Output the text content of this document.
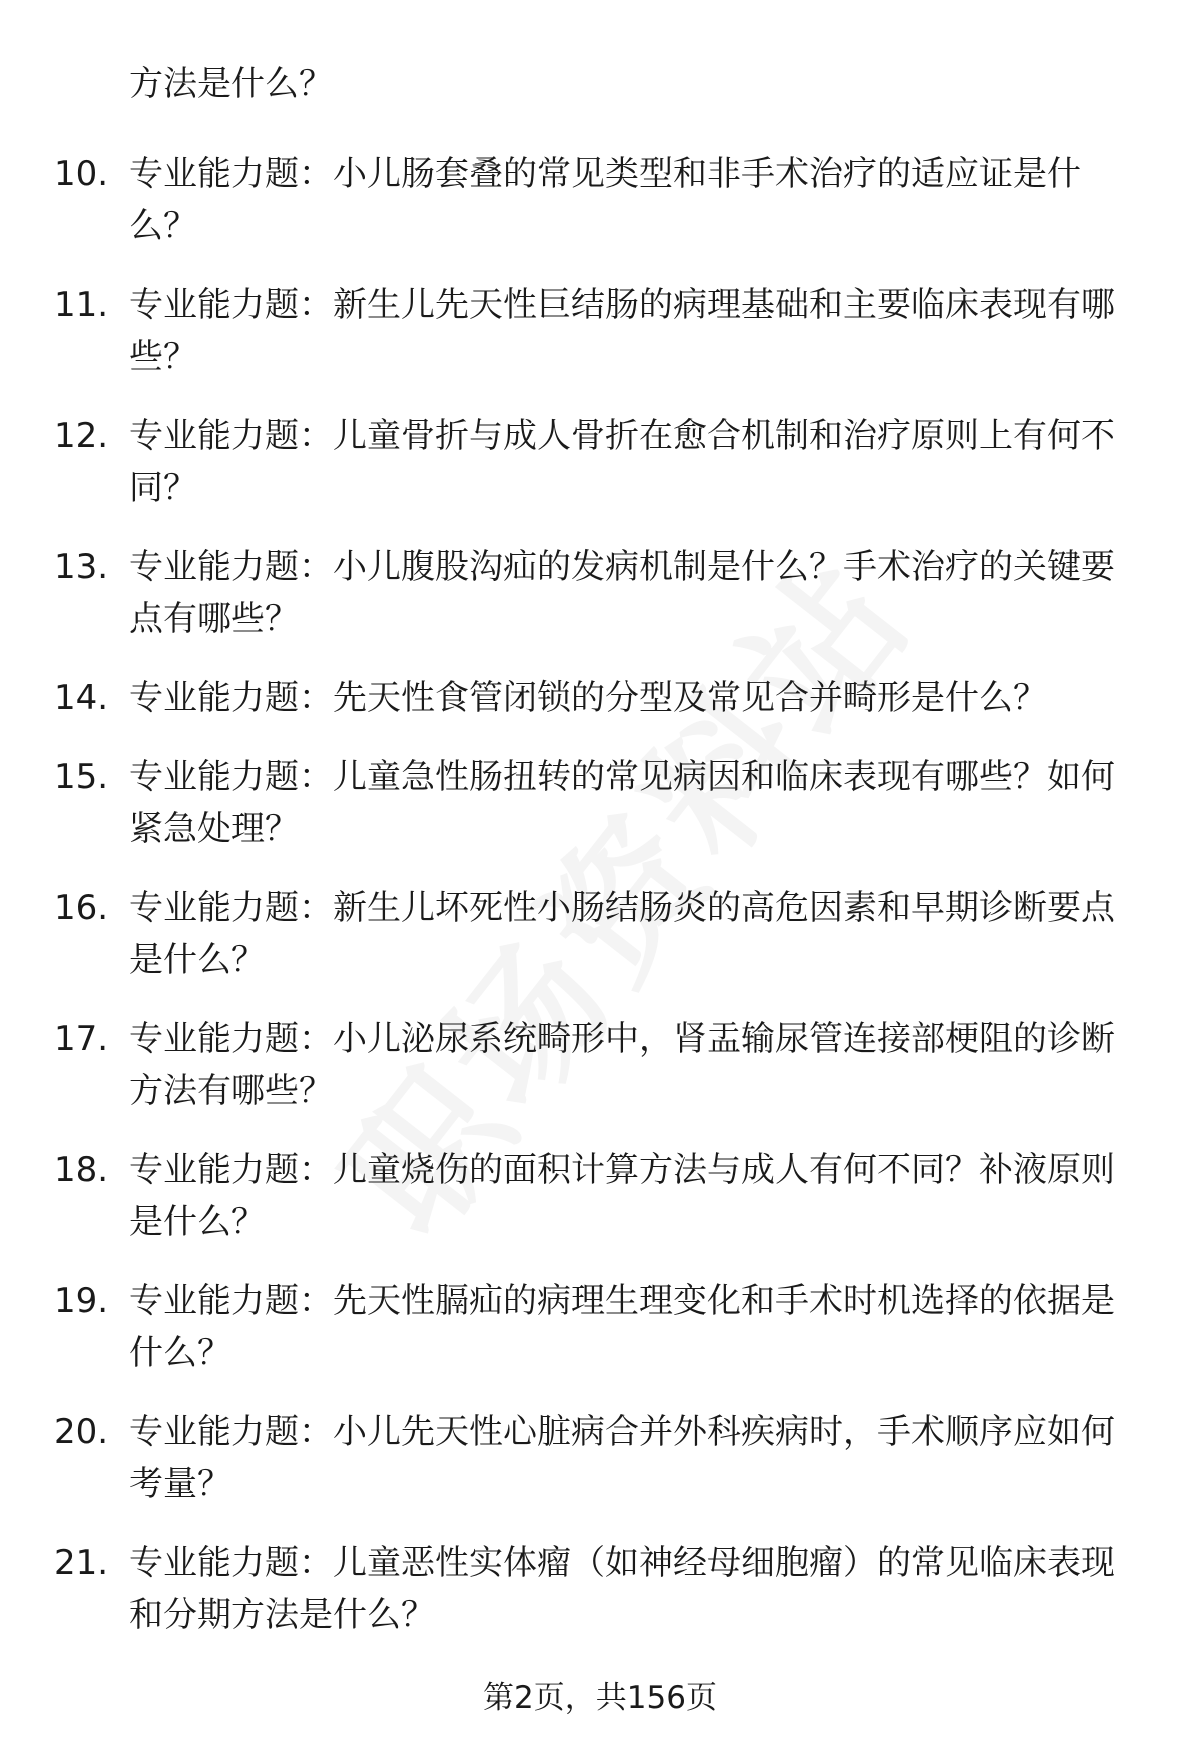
方法是什么？
10. 专业能力题：小儿肠套叠的常见类型和非手术治疗的适应证是什么？
11. 专业能力题：新生儿先天性巨结肠的病理基础和主要临床表现有哪些？
12. 专业能力题：儿童骨折与成人骨折在愈合机制和治疗原则上有何不同？
13. 专业能力题：小儿腹股沟疝的发病机制是什么？手术治疗的关键要点有哪些？
14. 专业能力题：先天性食管闭锁的分型及常见合并畸形是什么？
15. 专业能力题：儿童急性肠扭转的常见病因和临床表现有哪些？如何紧急处理？
16. 专业能力题：新生儿坏死性小肠结肠炎的高危因素和早期诊断要点是什么？
17. 专业能力题：小儿泌尿系统畸形中，肾盂输尿管连接部梗阻的诊断方法有哪些？
18. 专业能力题：儿童烧伤的面积计算方法与成人有何不同？补液原则是什么？
19. 专业能力题：先天性膈疝的病理生理变化和手术时机选择的依据是什么？
20. 专业能力题：小儿先天性心脏病合并外科疾病时，手术顺序应如何考量？
21. 专业能力题：儿童恶性实体瘤（如神经母细胞瘤）的常见临床表现和分期方法是什么？
第2页，共156页
